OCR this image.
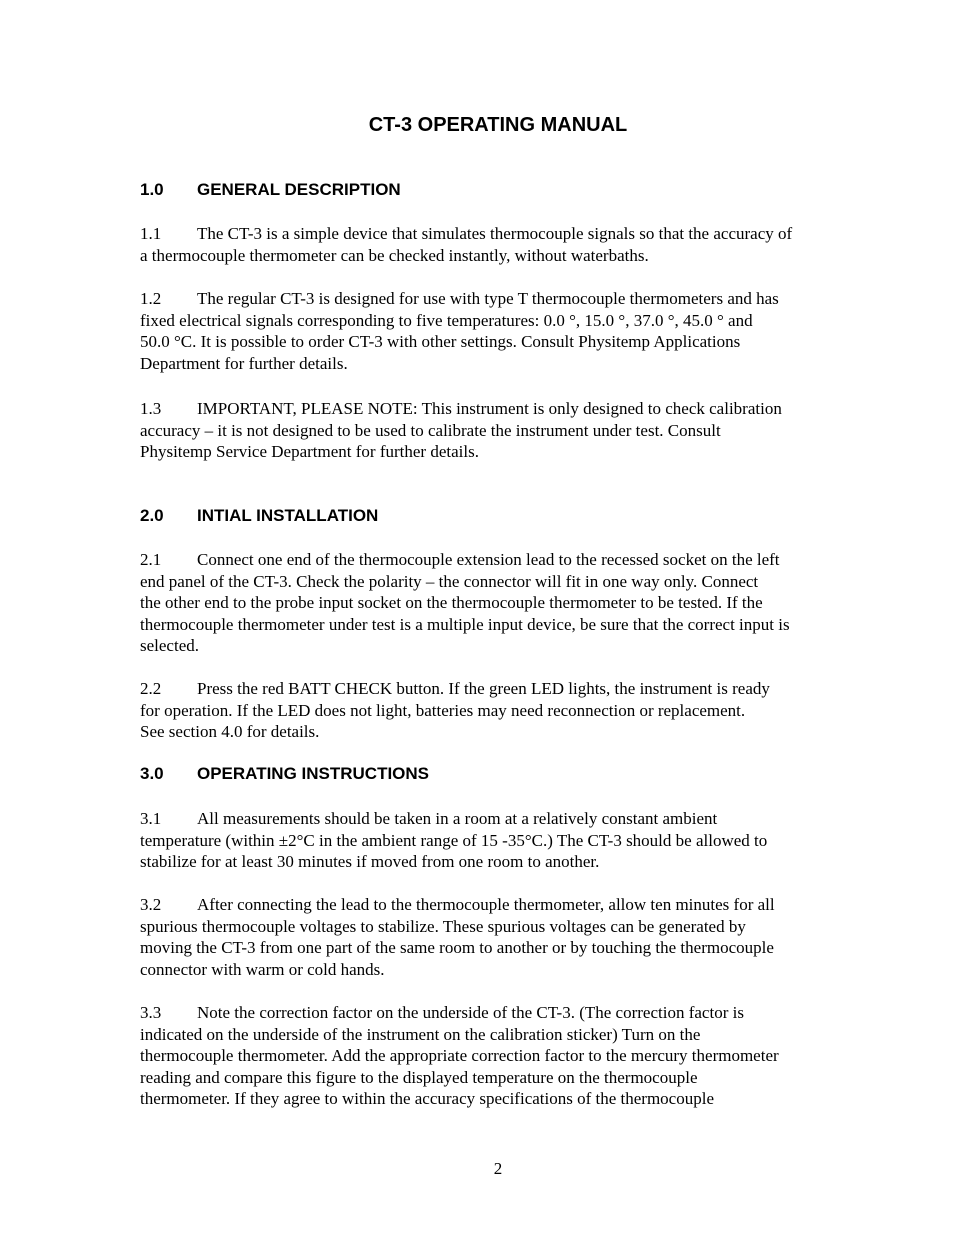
CT-3 OPERATING MANUAL
1.0 GENERAL DESCRIPTION

1.1 The CT-3 is a simple device that simulates thermocouple signals so that the accuracy of
a thermocouple thermometer can be checked instantly, without waterbaths.

1.2 The regular CT-3 is designed for use with type T thermocouple thermometers and has
fixed electrical signals corresponding to five temperatures: 0.0 °, 15.0 °, 37.0 °, 45.0 ° and
50.0 °C. It is possible to order CT-3 with other settings. Consult Physitemp Applications
Department for further details.

1.3 IMPORTANT, PLEASE NOTE: This instrument is only designed to check calibration
accuracy – it is not designed to be used to calibrate the instrument under test. Consult
Physitemp Service Department for further details.

2.0 INTIAL INSTALLATION

2.1 Connect one end of the thermocouple extension lead to the recessed socket on the left
end panel of the CT-3. Check the polarity – the connector will fit in one way only. Connect
the other end to the probe input socket on the thermocouple thermometer to be tested. If the
thermocouple thermometer under test is a multiple input device, be sure that the correct input is
selected.

2.2 Press the red BATT CHECK button. If the green LED lights, the instrument is ready
for operation. If the LED does not light, batteries may need reconnection or replacement.
See section 4.0 for details.

3.0 OPERATING INSTRUCTIONS

3.1 All measurements should be taken in a room at a relatively constant ambient
temperature (within ±2°C in the ambient range of 15 -35°C.) The CT-3 should be allowed to
stabilize for at least 30 minutes if moved from one room to another.

3.2 After connecting the lead to the thermocouple thermometer, allow ten minutes for all
spurious thermocouple voltages to stabilize. These spurious voltages can be generated by
moving the CT-3 from one part of the same room to another or by touching the thermocouple
connector with warm or cold hands.

3.3 Note the correction factor on the underside of the CT-3. (The correction factor is
indicated on the underside of the instrument on the calibration sticker) Turn on the
thermocouple thermometer. Add the appropriate correction factor to the mercury thermometer
reading and compare this figure to the displayed temperature on the thermocouple
thermometer. If they agree to within the accuracy specifications of the thermocouple

2
